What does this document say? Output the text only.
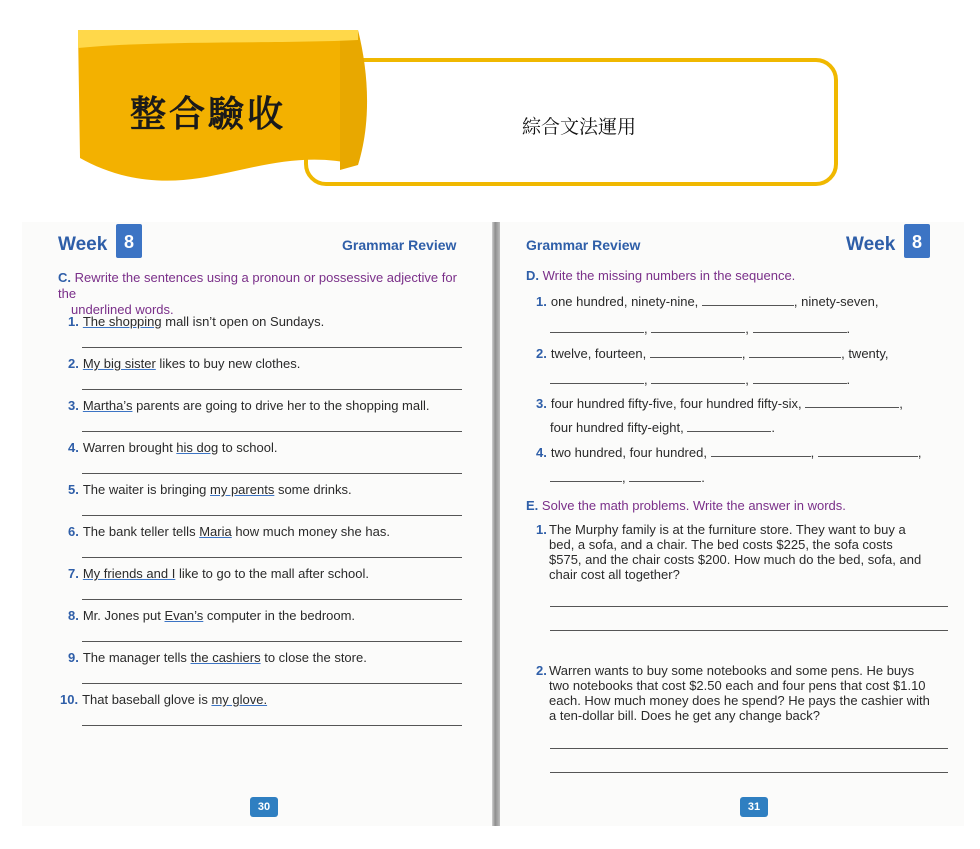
整合驗收	綜合文法運用
Week 8	Grammar Review
C. Rewrite the sentences using a pronoun or possessive adjective for the
underlined words.
1. The shopping mall isn’t open on Sundays.
2. My big sister likes to buy new clothes.
3. Martha’s parents are going to drive her to the shopping mall.
4. Warren brought his dog to school.
5. The waiter is bringing my parents some drinks.
6. The bank teller tells Maria how much money she has.
7. My friends and I like to go to the mall after school.
8. Mr. Jones put Evan’s computer in the bedroom.
9. The manager tells the cashiers to close the store.
10. That baseball glove is my glove.
30
Grammar Review	Week 8
D. Write the missing numbers in the sequence.
1. one hundred, ninety-nine,	, ninety-seven,
,	,	.
2. twelve, fourteen,	,	, twenty,
,	,	.
3. four hundred fifty-five, four hundred fifty-six,	,
four hundred fifty-eight,	.
4. two hundred, four hundred,	,	,
,	.
E. Solve the math problems. Write the answer in words.
1. The Murphy family is at the furniture store. They want to buy a
bed, a sofa, and a chair. The bed costs $225, the sofa costs
$575, and the chair costs $200. How much do the bed, sofa, and
chair cost all together?
2. Warren wants to buy some notebooks and some pens. He buys
two notebooks that cost $2.50 each and four pens that cost $1.10
each. How much money does he spend? He pays the cashier with
a ten-dollar bill. Does he get any change back?
31
